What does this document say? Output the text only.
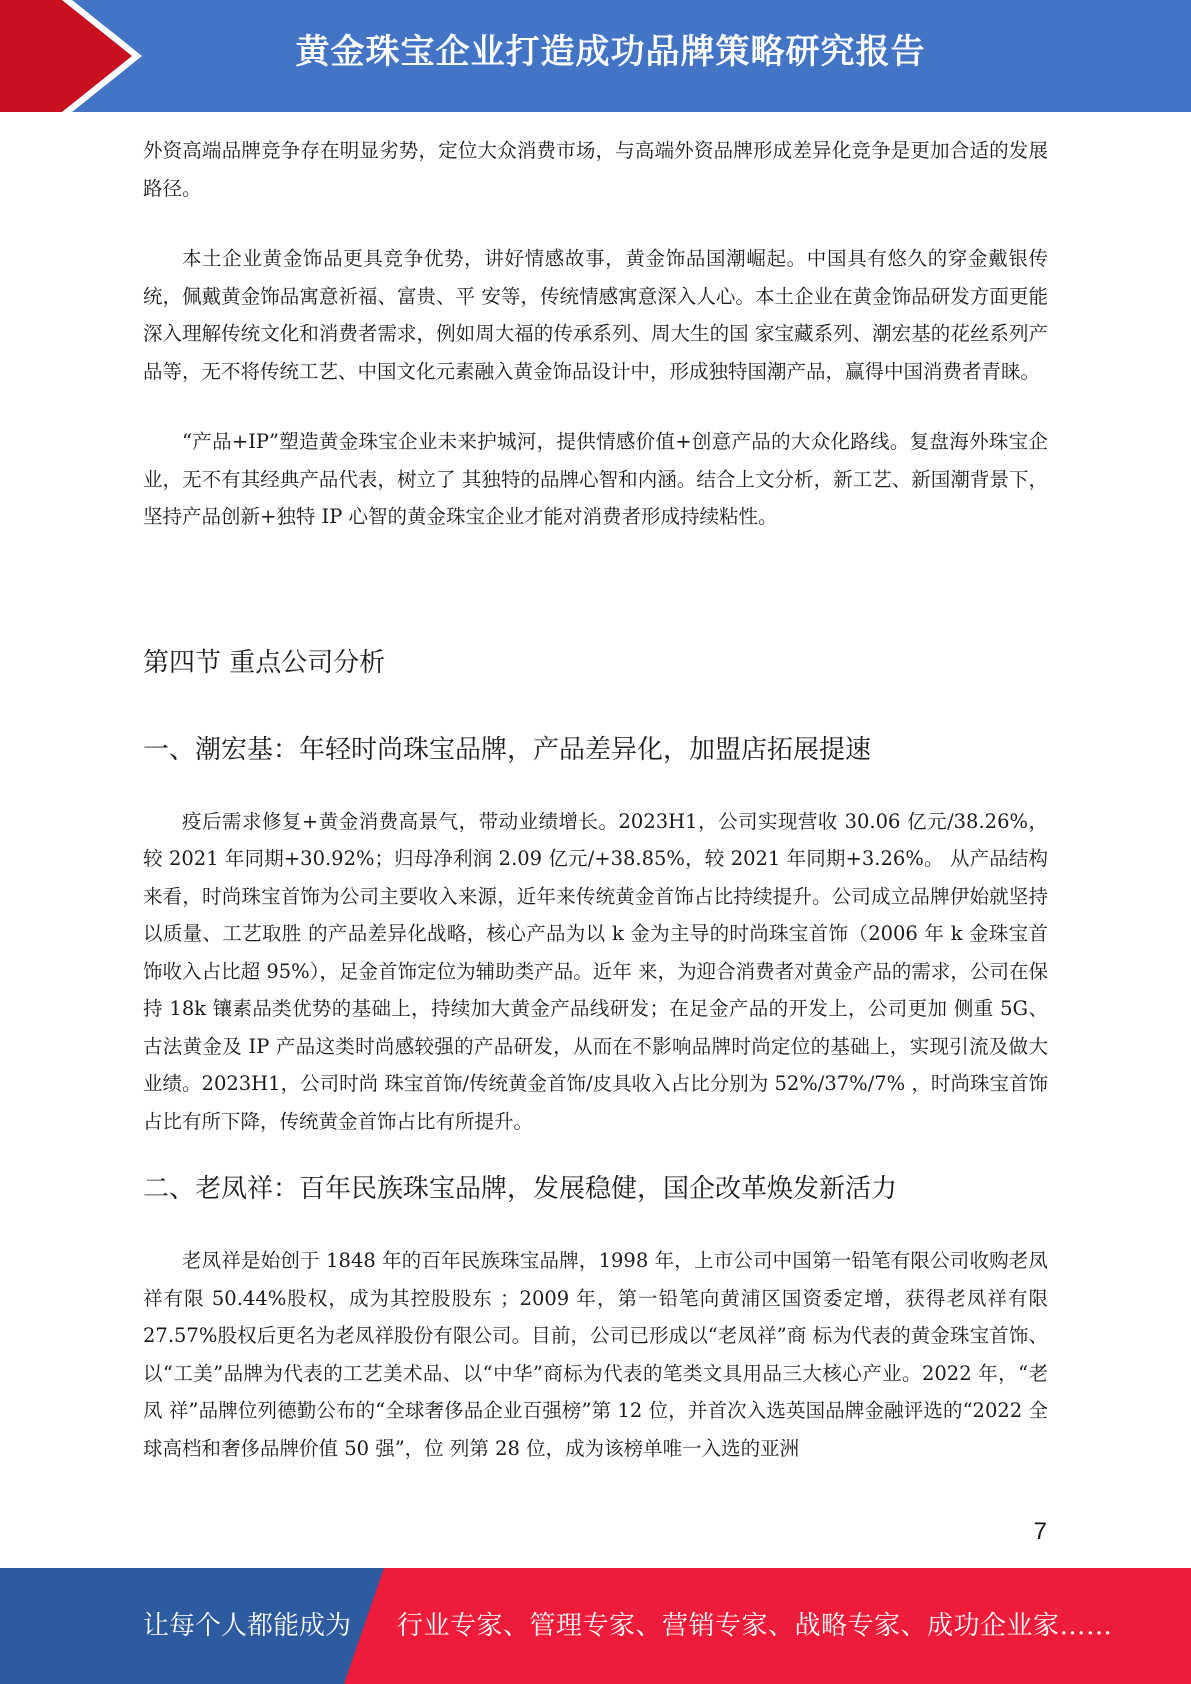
黄金珠宝企业打造成功品牌策略研究报告

外资高端品牌竞争存在明显劣势，定位大众消费市场，与高端外资品牌形成差异化竞争是更加合适的发展路径。

本土企业黄金饰品更具竞争优势，讲好情感故事，黄金饰品国潮崛起。中国具有悠久的穿金戴银传统，佩戴黄金饰品寓意祈福、富贵、平 安等，传统情感寓意深入人心。本土企业在黄金饰品研发方面更能深入理解传统文化和消费者需求，例如周大福的传承系列、周大生的国 家宝藏系列、潮宏基的花丝系列产品等，无不将传统工艺、中国文化元素融入黄金饰品设计中，形成独特国潮产品，赢得中国消费者青睐。

“产品+IP”塑造黄金珠宝企业未来护城河，提供情感价值+创意产品的大众化路线。复盘海外珠宝企业，无不有其经典产品代表，树立了 其独特的品牌心智和内涵。结合上文分析，新工艺、新国潮背景下，坚持产品创新+独特 IP 心智的黄金珠宝企业才能对消费者形成持续粘性。

第四节 重点公司分析
一、潮宏基：年轻时尚珠宝品牌，产品差异化，加盟店拓展提速

疫后需求修复+黄金消费高景气，带动业绩增长。2023H1，公司实现营收 30.06 亿元/38.26%，较 2021 年同期+30.92%；归母净利润 2.09 亿元/+38.85%，较 2021 年同期+3.26%。 从产品结构来看，时尚珠宝首饰为公司主要收入来源，近年来传统黄金首饰占比持续提升。公司成立品牌伊始就坚持以质量、工艺取胜 的产品差异化战略，核心产品为以 k 金为主导的时尚珠宝首饰（2006 年 k 金珠宝首饰收入占比超 95%），足金首饰定位为辅助类产品。近年 来，为迎合消费者对黄金产品的需求，公司在保持 18k 镶素品类优势的基础上，持续加大黄金产品线研发；在足金产品的开发上，公司更加 侧重 5G、古法黄金及 IP 产品这类时尚感较强的产品研发，从而在不影响品牌时尚定位的基础上，实现引流及做大业绩。2023H1，公司时尚 珠宝首饰/传统黄金首饰/皮具收入占比分别为 52%/37%/7% ，时尚珠宝首饰占比有所下降，传统黄金首饰占比有所提升。

二、老凤祥：百年民族珠宝品牌，发展稳健，国企改革焕发新活力

老凤祥是始创于 1848 年的百年民族珠宝品牌，1998 年，上市公司中国第一铅笔有限公司收购老凤祥有限 50.44%股权，成为其控股股东 ；2009 年，第一铅笔向黄浦区国资委定增，获得老凤祥有限 27.57%股权后更名为老凤祥股份有限公司。目前，公司已形成以“老凤祥”商 标为代表的黄金珠宝首饰、以“工美”品牌为代表的工艺美术品、以“中华”商标为代表的笔类文具用品三大核心产业。2022 年，“老凤 祥”品牌位列德勤公布的“全球奢侈品企业百强榜”第 12 位，并首次入选英国品牌金融评选的“2022 全球高档和奢侈品牌价值 50 强”，位 列第 28 位，成为该榜单唯一入选的亚洲

7
让每个人都能成为 行业专家、管理专家、营销专家、战略专家、成功企业家……
